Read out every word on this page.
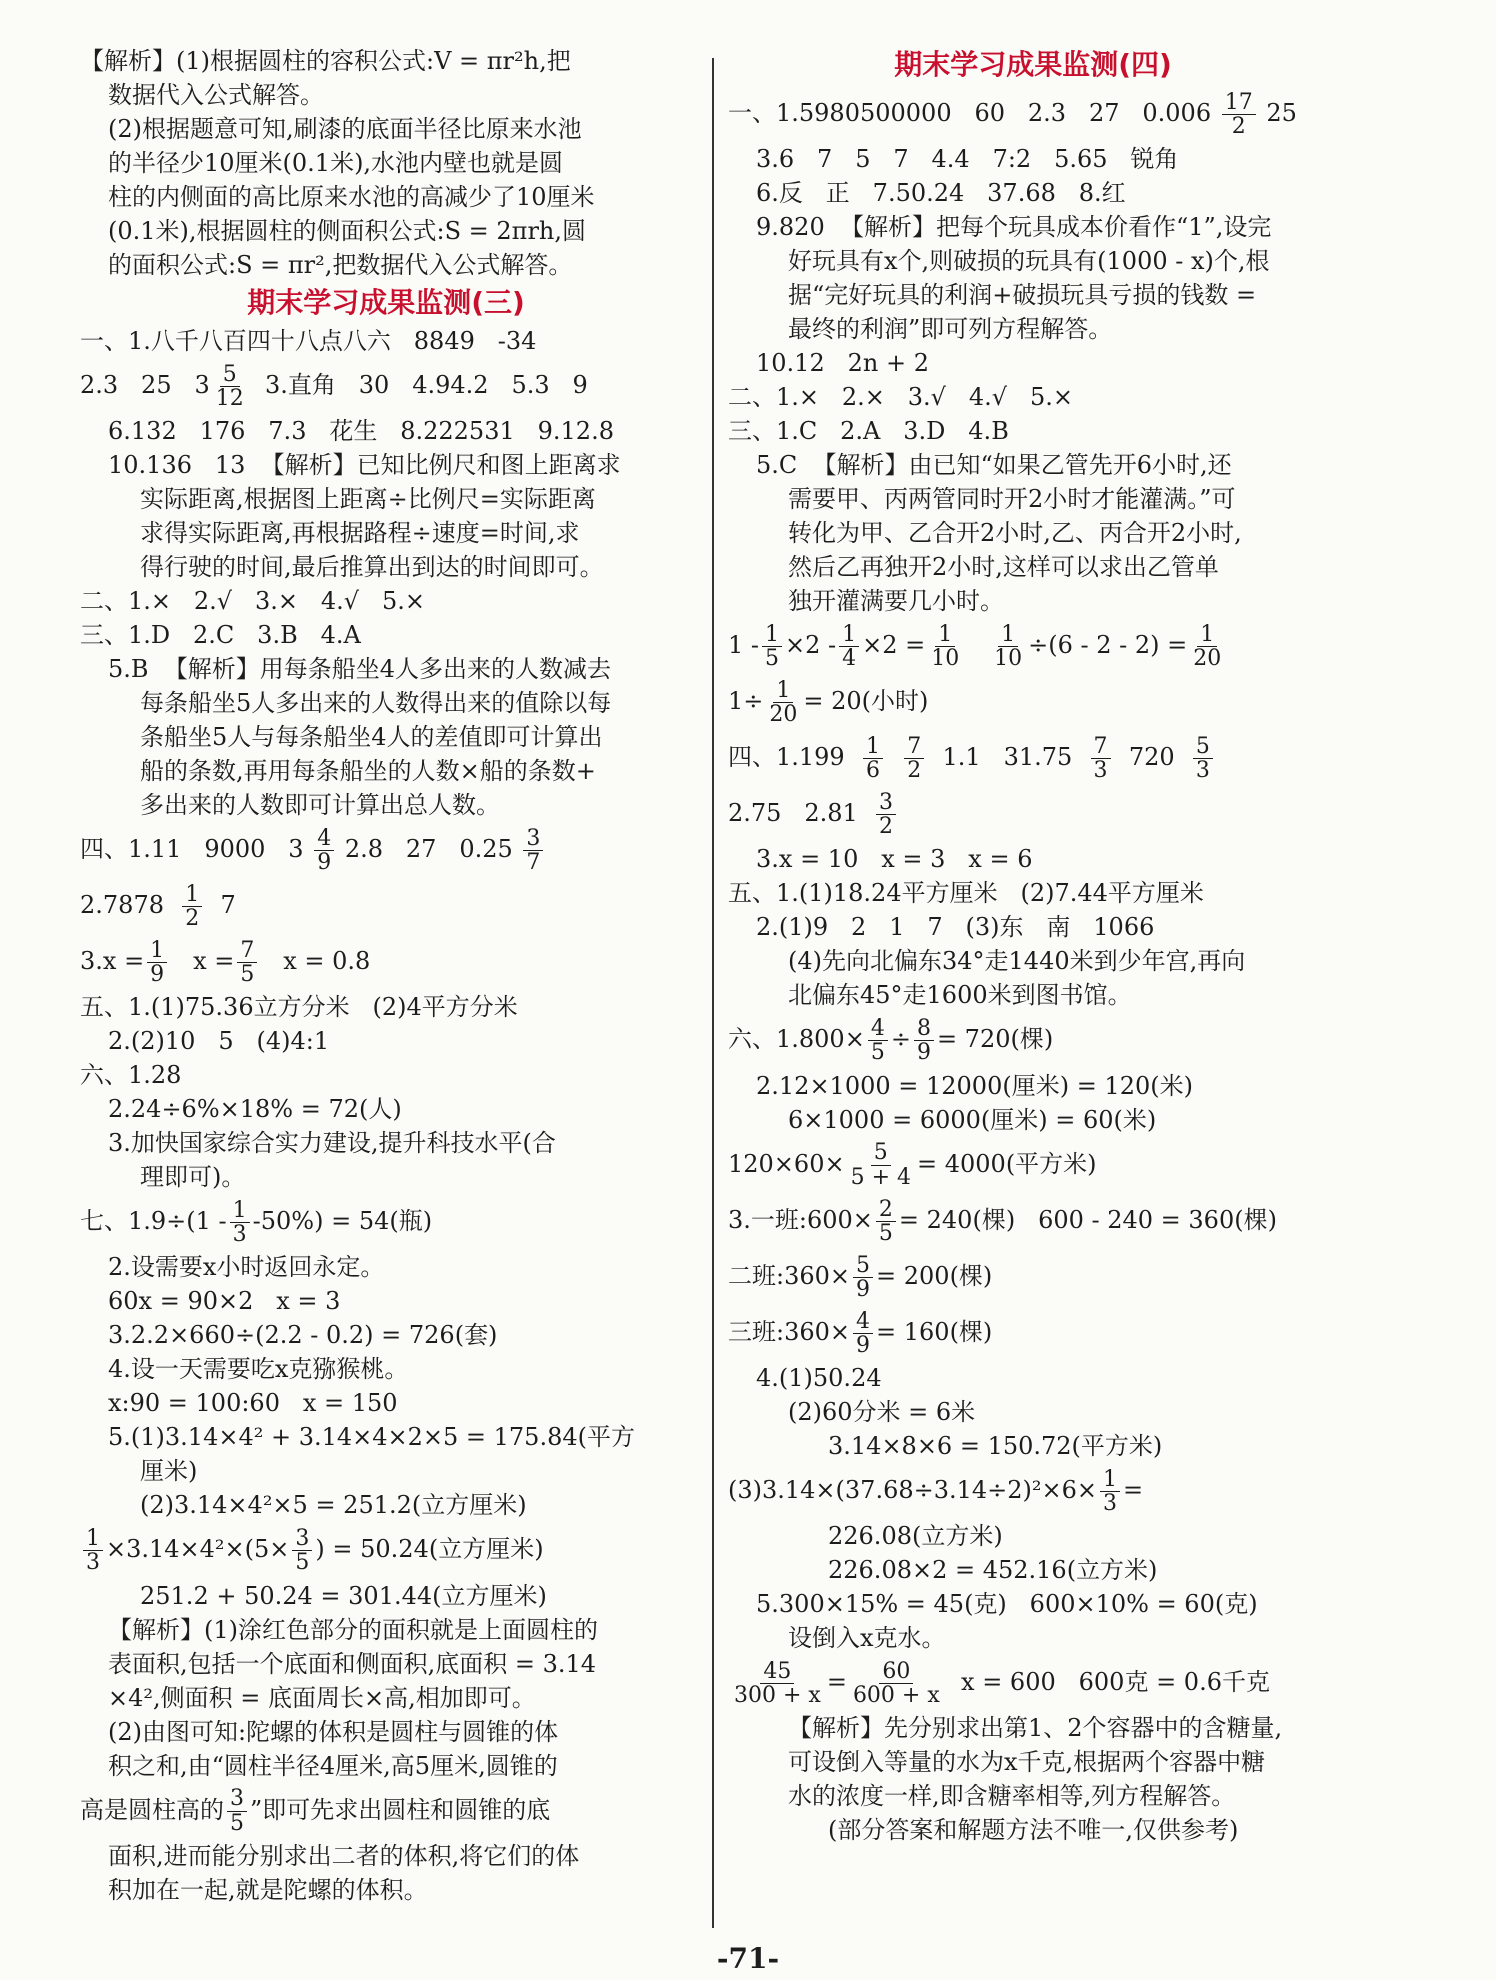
【解析】(1)根据圆柱的容积公式:V = πr²h,把
数据代入公式解答。
(2)根据题意可知,刷漆的底面半径比原来水池
的半径少10厘米(0.1米),水池内壁也就是圆
柱的内侧面的高比原来水池的高减少了10厘米
(0.1米),根据圆柱的侧面积公式:S = 2πrh,圆
的面积公式:S = πr²,把数据代入公式解答。
期末学习成果监测(三)
一、1.八千八百四十八点八六   8849   -34
2.3   25   $3 \frac{5}{12} 3$.直角   30   4.94.2   5.3   9
6.132   176   7.3   花生   8.222531   9.12.8
10.136   13  【解析】已知比例尺和图上距离求
实际距离,根据图上距离÷比例尺=实际距离
求得实际距离,再根据路程÷速度=时间,求
得行驶的时间,最后推算出到达的时间即可。
二、1.×   2.√   3.×   4.√   5.×
三、1.D   2.C   3.B   4.A
5.B  【解析】用每条船坐4人多出来的人数减去
每条船坐5人多出来的人数得出来的值除以每
条船坐5人与每条船坐4人的差值即可计算出
船的条数,再用每条船坐的人数×船的条数+
多出来的人数即可计算出总人数。
四、1.11   9000   $3 \frac{4}{9} 2.8$   27   $0.25 \frac{3}{7}$
$2.7878 \frac{1}{2} 7$
$3.x = \frac{1}{9}$ $x = \frac{7}{5}$ x = 0.8
五、1.(1)75.36立方分米   (2)4平方分米
2.(2)10   5   (4)4:1
六、1.28
2.24÷6%×18% = 72(人)
3.加快国家综合实力建设,提升科技水平(合
理即可)。
七、$1.9\div(1 - \frac{1}{3} -50\%) = 54$(瓶)
2.设需要x小时返回永定。
60x = 90×2   x = 3
3.2.2×660÷(2.2 - 0.2) = 726(套)
4.设一天需要吃x克猕猴桃。
x:90 = 100:60   x = 150
5.(1)3.14×4² + 3.14×4×2×5 = 175.84(平方
厘米)
(2)3.14×4²×5 = 251.2(立方厘米)
$\frac{1}{3} \times 3.14\times 4^2\times(5\times \frac{3}{5}$ ) = 50.24(立方厘米)
251.2 + 50.24 = 301.44(立方厘米)
【解析】(1)涂红色部分的面积就是上面圆柱的
表面积,包括一个底面和侧面积,底面积 = 3.14
×4²,侧面积 = 底面周长×高,相加即可。
(2)由图可知:陀螺的体积是圆柱与圆锥的体
积之和,由“圆柱半径4厘米,高5厘米,圆锥的
高是圆柱高的 $\frac{3}{5}$ ”即可先求出圆柱和圆锥的底
面积,进而能分别求出二者的体积,将它们的体
积加在一起,就是陀螺的体积。
期末学习成果监测(四)
一、1.5980500000   60   2.3   27   $0.006 \frac{17}{2} 25$
3.6   7   5   7   4.4   7:2   5.65   锐角
6.反   正   7.50.24   37.68   8.红
9.820  【解析】把每个玩具成本价看作“1”,设完
好玩具有x个,则破损的玩具有(1000 - x)个,根
据“完好玩具的利润+破损玩具亏损的钱数 =
最终的利润”即可列方程解答。
10.12   2n + 2
二、1.×   2.×   3.√   4.√   5.×
三、1.C   2.A   3.D   4.B
5.C  【解析】由已知“如果乙管先开6小时,还
需要甲、丙两管同时开2小时才能灌满。”可
转化为甲、乙合开2小时,乙、丙合开2小时,
然后乙再独开2小时,这样可以求出乙管单
独开灌满要几小时。
$1 - \frac{1}{5} \times 2 - \frac{1}{4} \times 2 = \frac{1}{10}$
$\frac{1}{10} \div(6 - 2 - 2) = \frac{1}{20}$
$1\div \frac{1}{20} = 20$(小时)
四、$1.199 \frac{1}{6}$
$\frac{7}{2} 1.1$   $31.75 \frac{7}{3} 720 \frac{5}{3}$
2.75   $2.81 \frac{3}{2}$
3.x = 10   x = 3   x = 6
五、1.(1)18.24平方厘米   (2)7.44平方厘米
2.(1)9   2   1   7   (3)东   南   1066
(4)先向北偏东34°走1440米到少年宫,再向
北偏东45°走1600米到图书馆。
六、$1.800\times \frac{4}{5} \div \frac{8}{9} = 720$(棵)
2.12×1000 = 12000(厘米) = 120(米)
6×1000 = 6000(厘米) = 60(米)
$120\times 60\times \frac{5}{5 + 4} = 4000$(平方米)
3.一班:600× $\frac{2}{5} = 240$(棵)   600 - 240 = 360(棵)
二班:360× $\frac{5}{9} = 200$(棵)
三班:360× $\frac{4}{9} = 160$(棵)
4.(1)50.24
(2)60分米 = 6米
3.14×8×6 = 150.72(平方米)
$(3)3.14\times(37.68\div 3.14\div 2)^2\times 6\times \frac{1}{3}$ =
226.08(立方米)
226.08×2 = 452.16(立方米)
5.300×15% = 45(克)   600×10% = 60(克)
设倒入x克水。
$\frac{45}{300 + x} = \frac{60}{600 + x}$ x = 600   600克 = 0.6千克
【解析】先分别求出第1、2个容器中的含糖量,
可设倒入等量的水为x千克,根据两个容器中糖
水的浓度一样,即含糖率相等,列方程解答。
(部分答案和解题方法不唯一,仅供参考)
-71-
